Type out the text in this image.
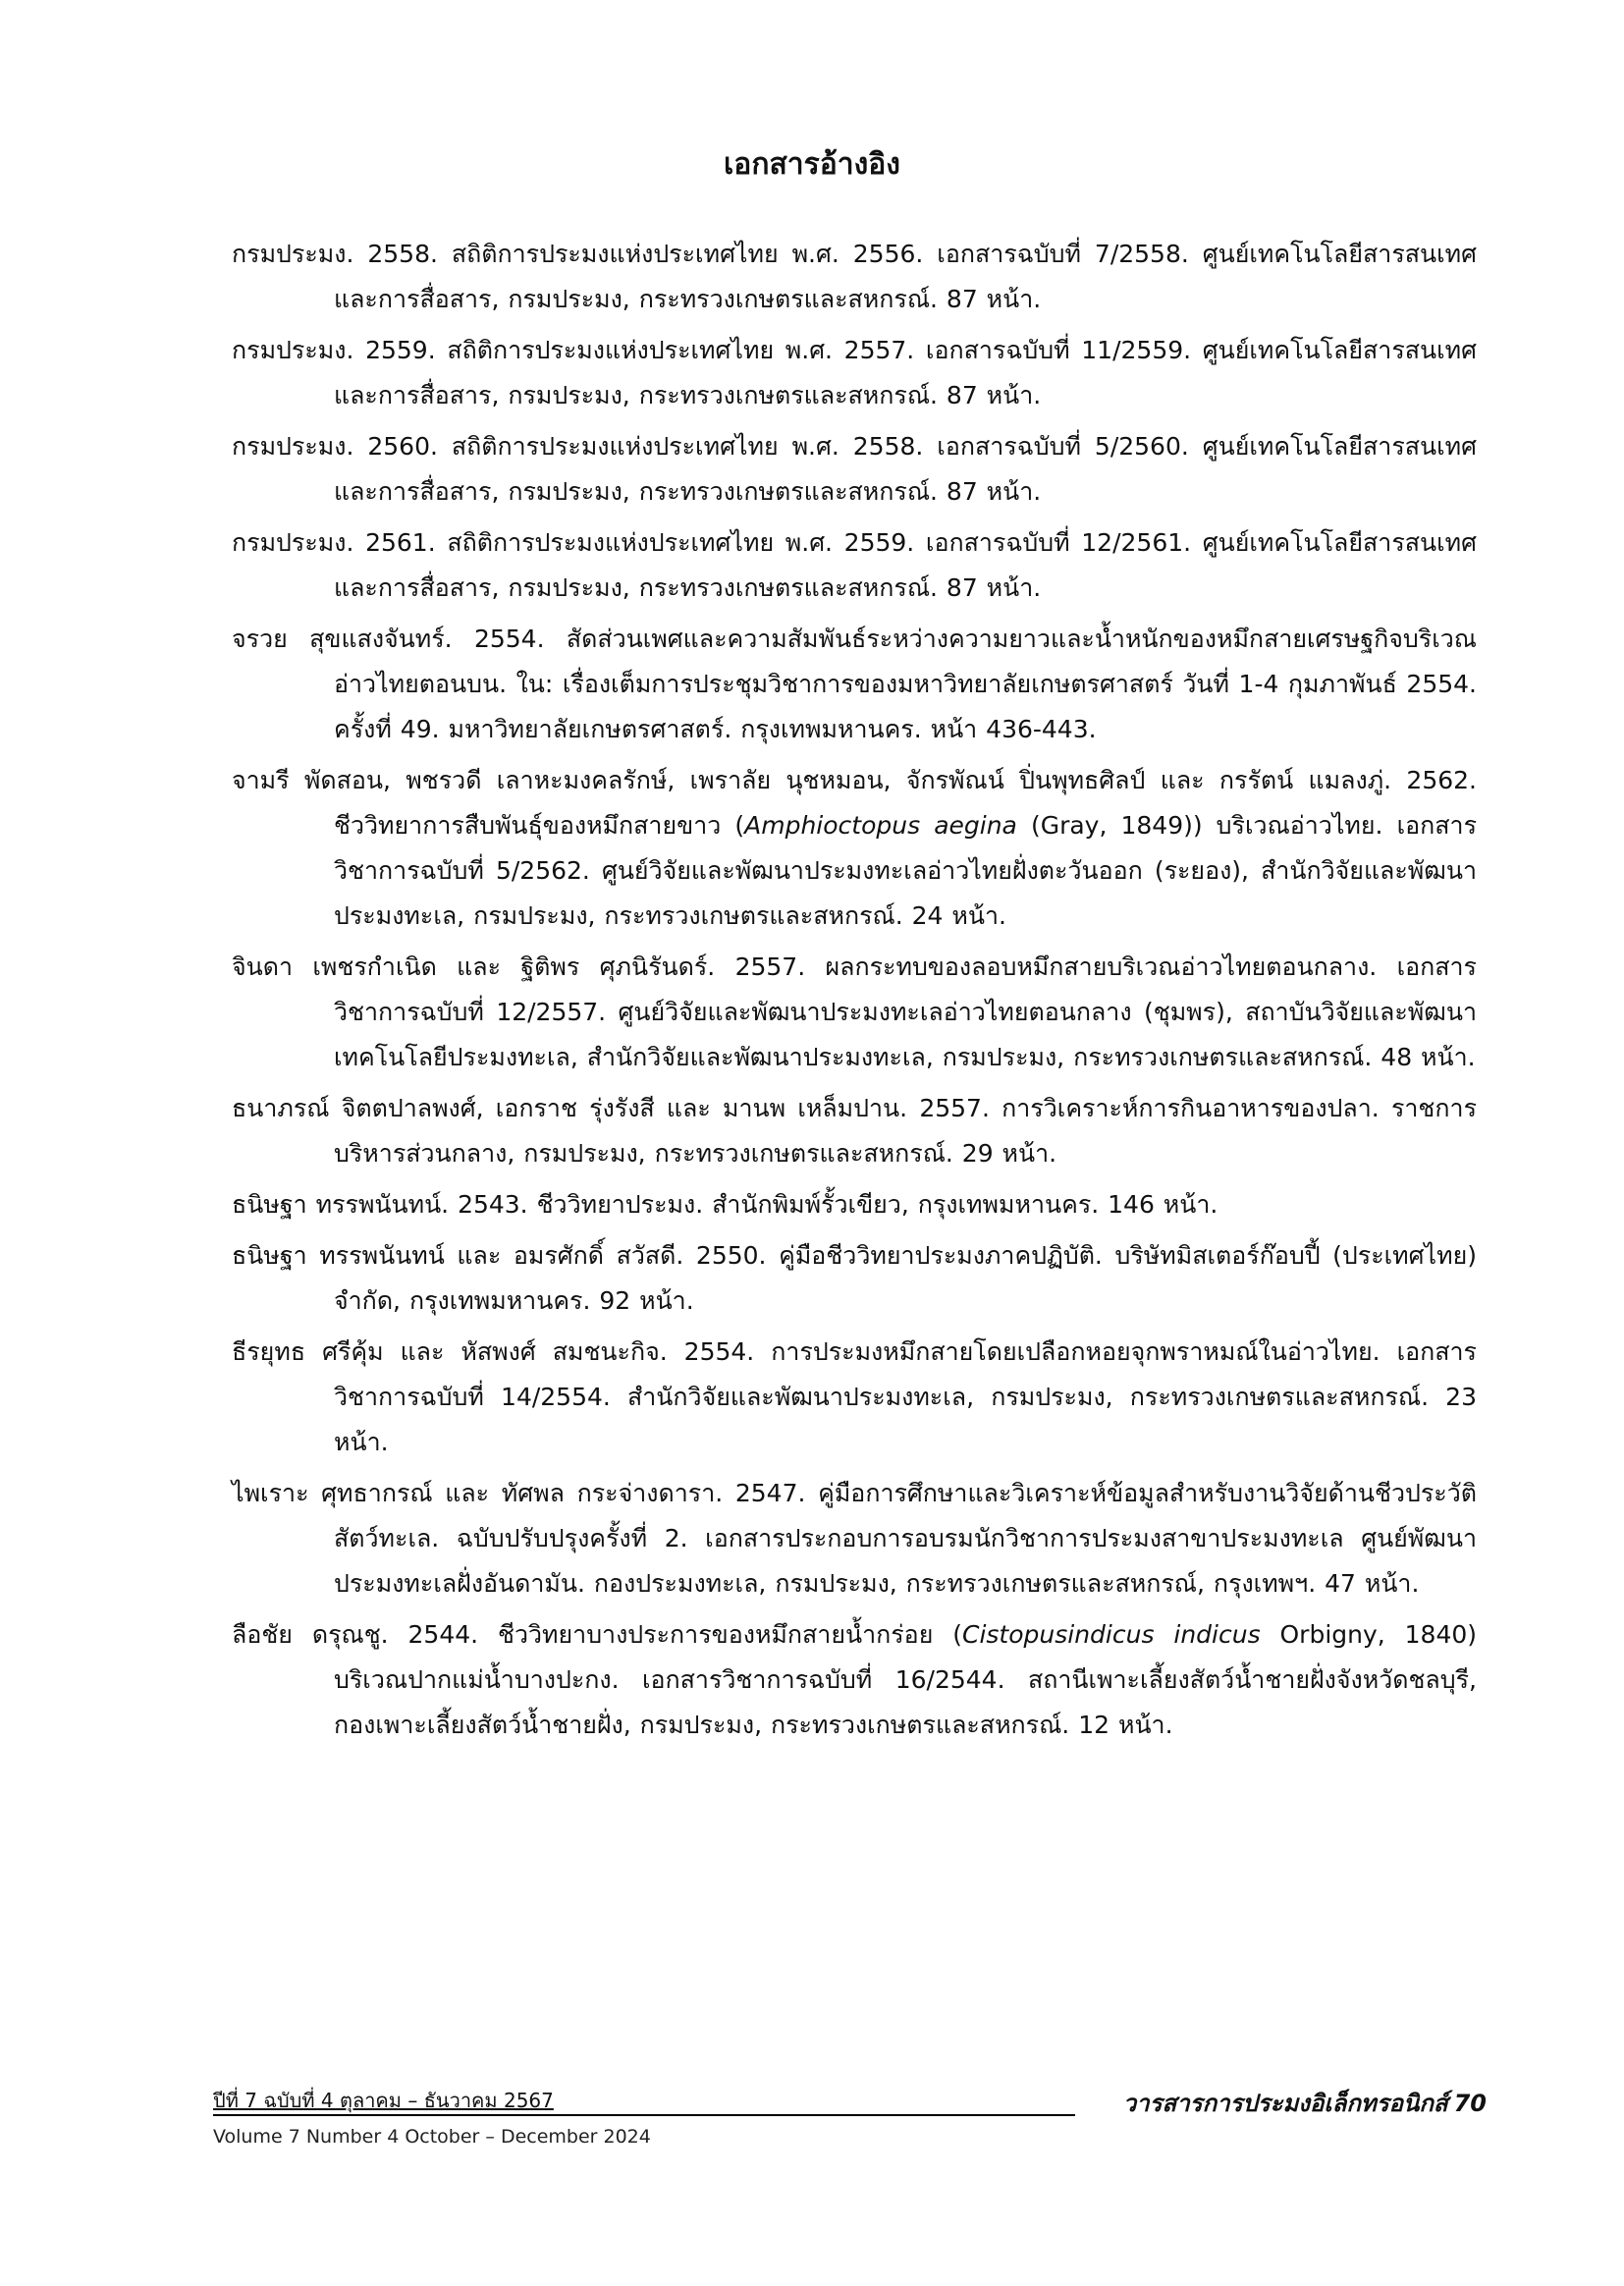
เอกสารอ้างอิง

กรมประมง. 2558. สถิติการประมงแห่งประเทศไทย พ.ศ. 2556. เอกสารฉบับที่ 7/2558. ศูนย์เทคโนโลยีสารสนเทศและการสื่อสาร, กรมประมง, กระทรวงเกษตรและสหกรณ์. 87 หน้า.

กรมประมง. 2559. สถิติการประมงแห่งประเทศไทย พ.ศ. 2557. เอกสารฉบับที่ 11/2559. ศูนย์เทคโนโลยีสารสนเทศและการสื่อสาร, กรมประมง, กระทรวงเกษตรและสหกรณ์. 87 หน้า.

กรมประมง. 2560. สถิติการประมงแห่งประเทศไทย พ.ศ. 2558. เอกสารฉบับที่ 5/2560. ศูนย์เทคโนโลยีสารสนเทศและการสื่อสาร, กรมประมง, กระทรวงเกษตรและสหกรณ์. 87 หน้า.

กรมประมง. 2561. สถิติการประมงแห่งประเทศไทย พ.ศ. 2559. เอกสารฉบับที่ 12/2561. ศูนย์เทคโนโลยีสารสนเทศและการสื่อสาร, กรมประมง, กระทรวงเกษตรและสหกรณ์. 87 หน้า.

จรวย สุขแสงจันทร์. 2554. สัดส่วนเพศและความสัมพันธ์ระหว่างความยาวและน้ำหนักของหมึกสายเศรษฐกิจบริเวณอ่าวไทยตอนบน. ใน: เรื่องเต็มการประชุมวิชาการของมหาวิทยาลัยเกษตรศาสตร์ วันที่ 1-4 กุมภาพันธ์ 2554. ครั้งที่ 49. มหาวิทยาลัยเกษตรศาสตร์. กรุงเทพมหานคร. หน้า 436-443.

จามรี พัดสอน, พชรวดี เลาหะมงคลรักษ์, เพราลัย นุชหมอน, จักรพัณน์ ปิ่นพุทธศิลป์ และ กรรัตน์ แมลงภู่. 2562. ชีววิทยาการสืบพันธุ์ของหมึกสายขาว (Amphioctopus aegina (Gray, 1849)) บริเวณอ่าวไทย. เอกสารวิชาการฉบับที่ 5/2562. ศูนย์วิจัยและพัฒนาประมงทะเลอ่าวไทยฝั่งตะวันออก (ระยอง), สำนักวิจัยและพัฒนาประมงทะเล, กรมประมง, กระทรวงเกษตรและสหกรณ์. 24 หน้า.

จินดา เพชรกำเนิด และ ฐิติพร ศุภนิรันดร์. 2557. ผลกระทบของลอบหมึกสายบริเวณอ่าวไทยตอนกลาง. เอกสารวิชาการฉบับที่ 12/2557. ศูนย์วิจัยและพัฒนาประมงทะเลอ่าวไทยตอนกลาง (ชุมพร), สถาบันวิจัยและพัฒนาเทคโนโลยีประมงทะเล, สำนักวิจัยและพัฒนาประมงทะเล, กรมประมง, กระทรวงเกษตรและสหกรณ์. 48 หน้า.

ธนาภรณ์ จิตตปาลพงศ์, เอกราช รุ่งรังสี และ มานพ เหล็มปาน. 2557. การวิเคราะห์การกินอาหารของปลา. ราชการบริหารส่วนกลาง, กรมประมง, กระทรวงเกษตรและสหกรณ์. 29 หน้า.

ธนิษฐา ทรรพนันทน์. 2543. ชีววิทยาประมง. สำนักพิมพ์รั้วเขียว, กรุงเทพมหานคร. 146 หน้า.

ธนิษฐา ทรรพนันทน์ และ อมรศักดิ์ สวัสดี. 2550. คู่มือชีววิทยาประมงภาคปฏิบัติ. บริษัทมิสเตอร์ก๊อบปี้ (ประเทศไทย) จำกัด, กรุงเทพมหานคร. 92 หน้า.

ธีรยุทธ ศรีคุ้ม และ หัสพงศ์ สมชนะกิจ. 2554. การประมงหมึกสายโดยเปลือกหอยจุกพราหมณ์ในอ่าวไทย. เอกสารวิชาการฉบับที่ 14/2554. สำนักวิจัยและพัฒนาประมงทะเล, กรมประมง, กระทรวงเกษตรและสหกรณ์. 23 หน้า.

ไพเราะ ศุทธากรณ์ และ ทัศพล กระจ่างดารา. 2547. คู่มือการศึกษาและวิเคราะห์ข้อมูลสำหรับงานวิจัยด้านชีวประวัติสัตว์ทะเล. ฉบับปรับปรุงครั้งที่ 2. เอกสารประกอบการอบรมนักวิชาการประมงสาขาประมงทะเล ศูนย์พัฒนาประมงทะเลฝั่งอันดามัน. กองประมงทะเล, กรมประมง, กระทรวงเกษตรและสหกรณ์, กรุงเทพฯ. 47 หน้า.

ลือชัย ดรุณชู. 2544. ชีววิทยาบางประการของหมึกสายน้ำกร่อย (Cistopusindicus indicus Orbigny, 1840) บริเวณปากแม่น้ำบางปะกง. เอกสารวิชาการฉบับที่ 16/2544. สถานีเพาะเลี้ยงสัตว์น้ำชายฝั่งจังหวัดชลบุรี, กองเพาะเลี้ยงสัตว์น้ำชายฝั่ง, กรมประมง, กระทรวงเกษตรและสหกรณ์. 12 หน้า.

ปีที่ 7 ฉบับที่ 4 ตุลาคม – ธันวาคม 2567	วารสารการประมงอิเล็กทรอนิกส์ 70
Volume 7 Number 4 October – December 2024
